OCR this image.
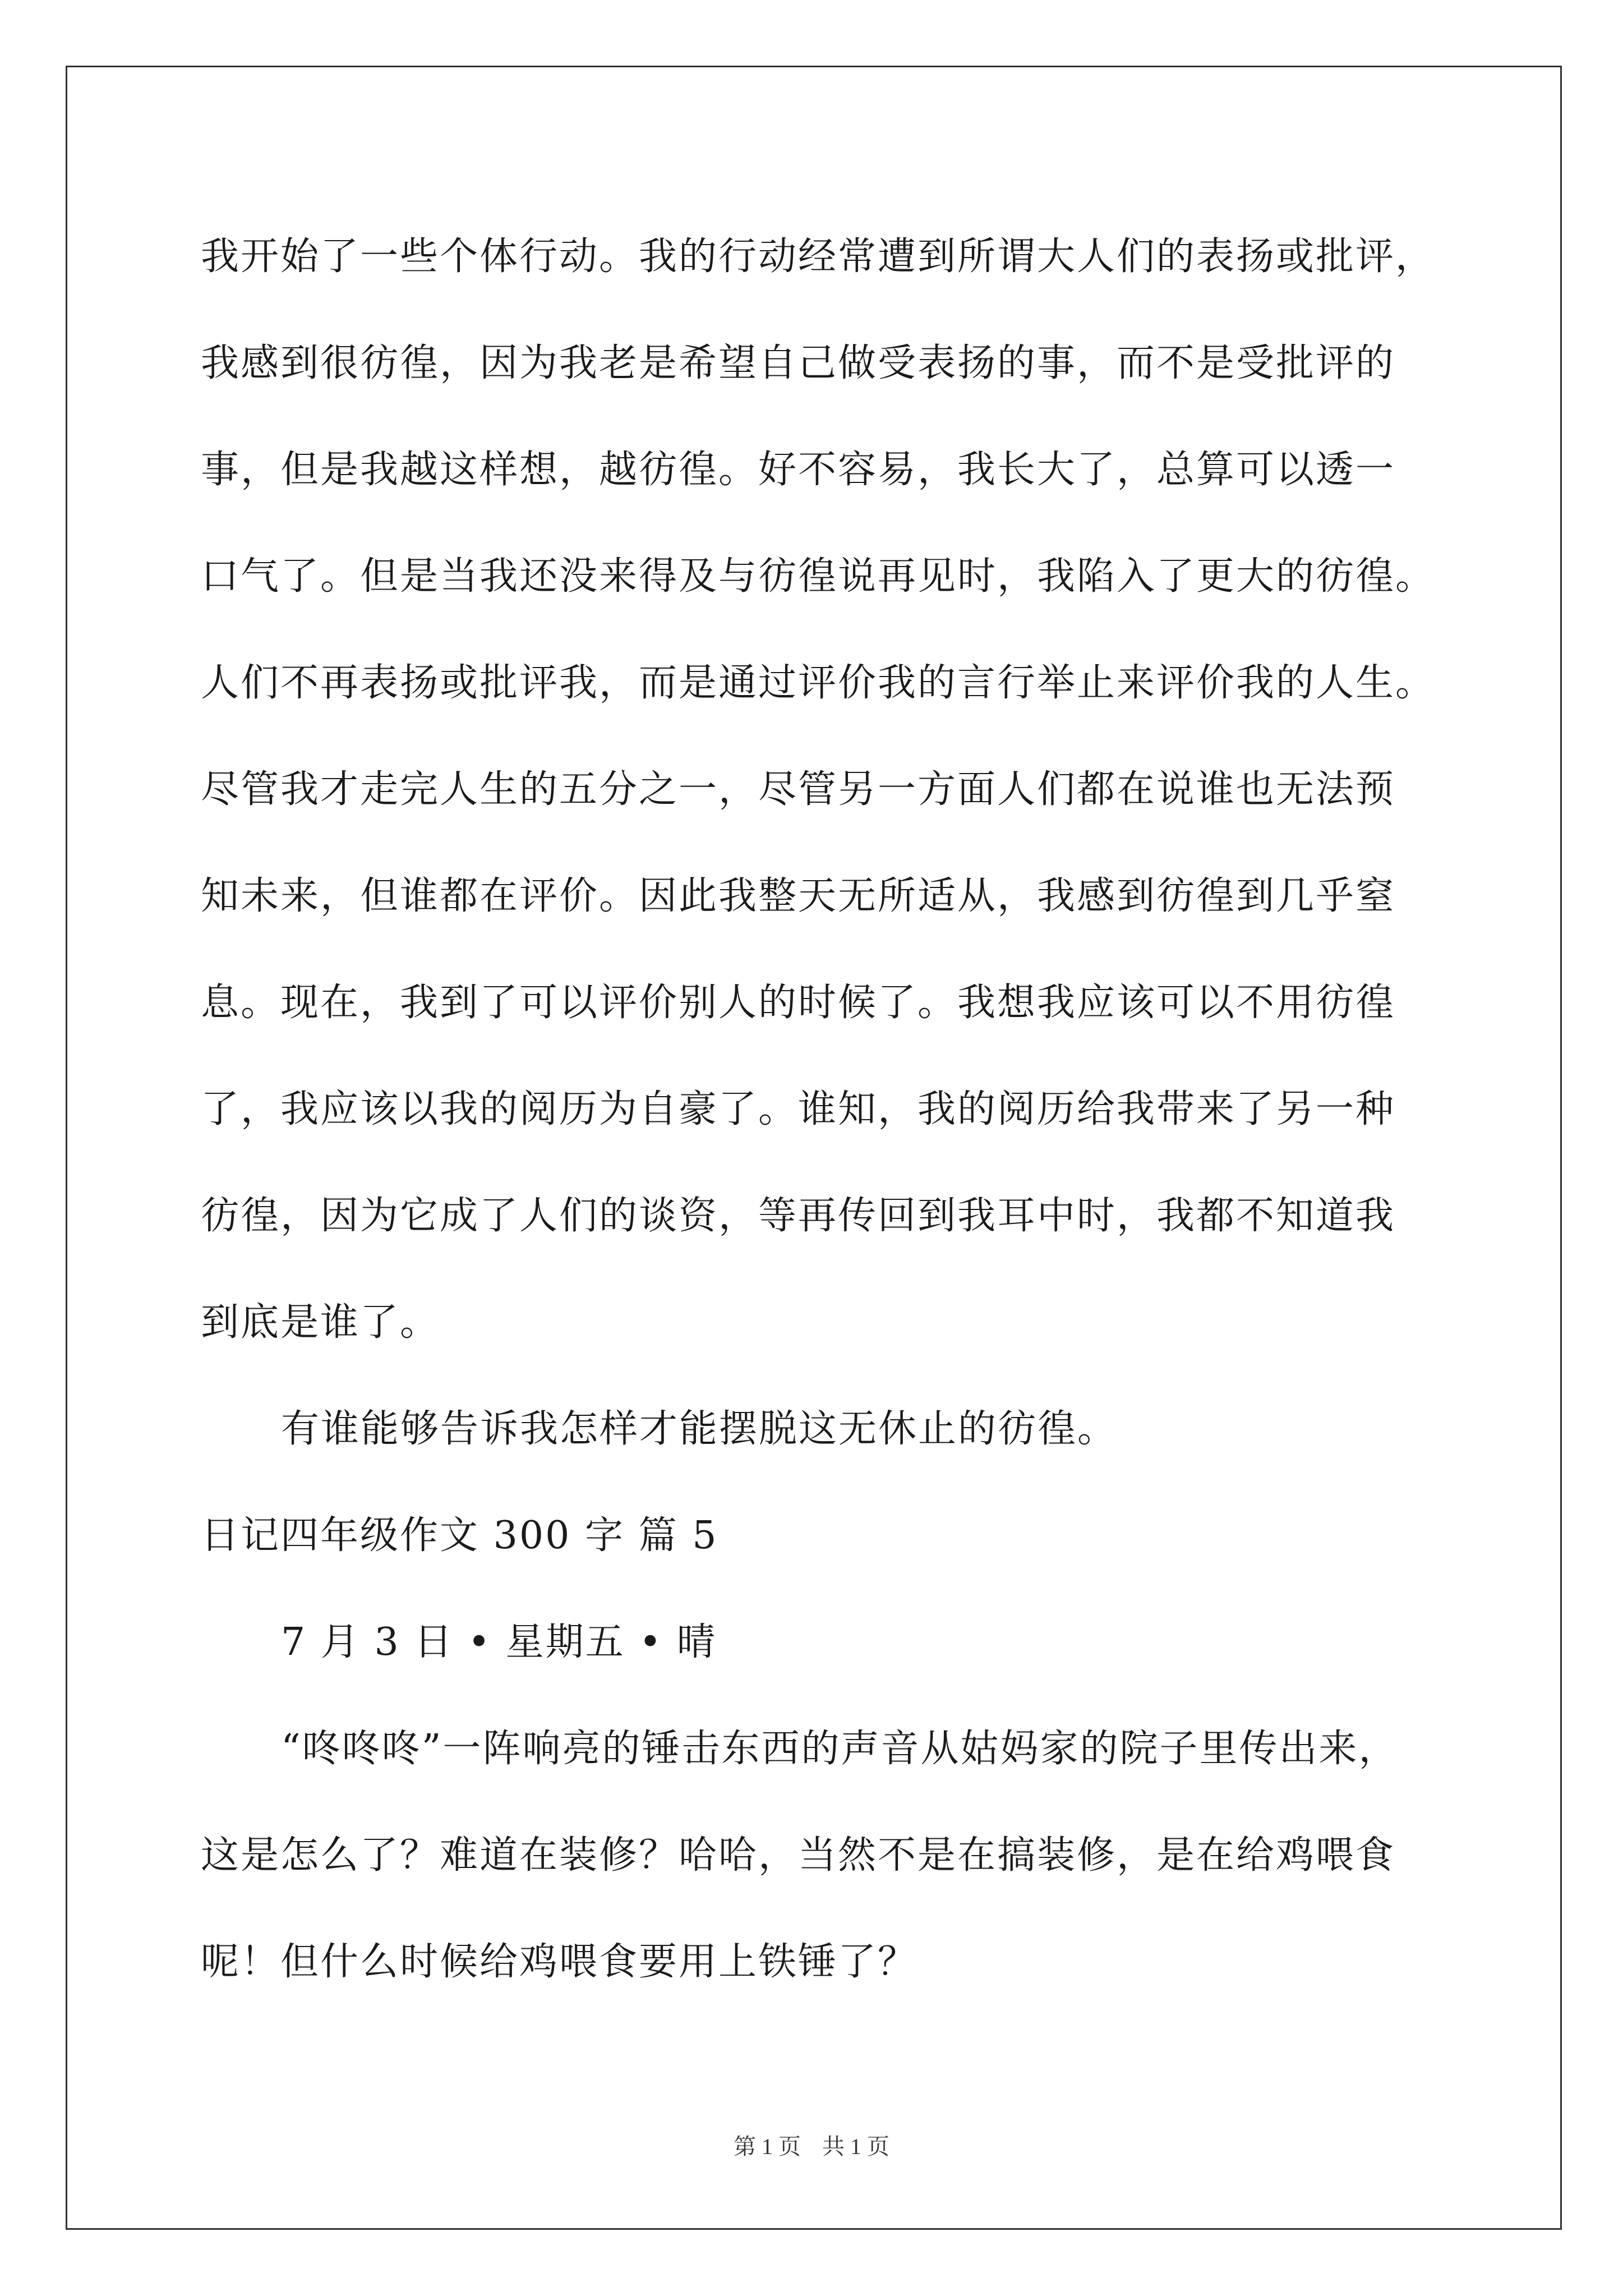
我开始了一些个体行动。我的行动经常遭到所谓大人们的表扬或批评，
我感到很彷徨，因为我老是希望自己做受表扬的事，而不是受批评的
事，但是我越这样想，越彷徨。好不容易，我长大了，总算可以透一
口气了。但是当我还没来得及与彷徨说再见时，我陷入了更大的彷徨。
人们不再表扬或批评我，而是通过评价我的言行举止来评价我的人生。
尽管我才走完人生的五分之一，尽管另一方面人们都在说谁也无法预
知未来，但谁都在评价。因此我整天无所适从，我感到彷徨到几乎窒
息。现在，我到了可以评价别人的时候了。我想我应该可以不用彷徨
了，我应该以我的阅历为自豪了。谁知，我的阅历给我带来了另一种
彷徨，因为它成了人们的谈资，等再传回到我耳中时，我都不知道我
到底是谁了。
有谁能够告诉我怎样才能摆脱这无休止的彷徨。
日记四年级作文 300 字 篇 5
7 月 3 日 • 星期五 • 晴
“咚咚咚”一阵响亮的锤击东西的声音从姑妈家的院子里传出来，
这是怎么了？难道在装修？哈哈，当然不是在搞装修，是在给鸡喂食
呢！但什么时候给鸡喂食要用上铁锤了？
第 1 页 共 1 页
